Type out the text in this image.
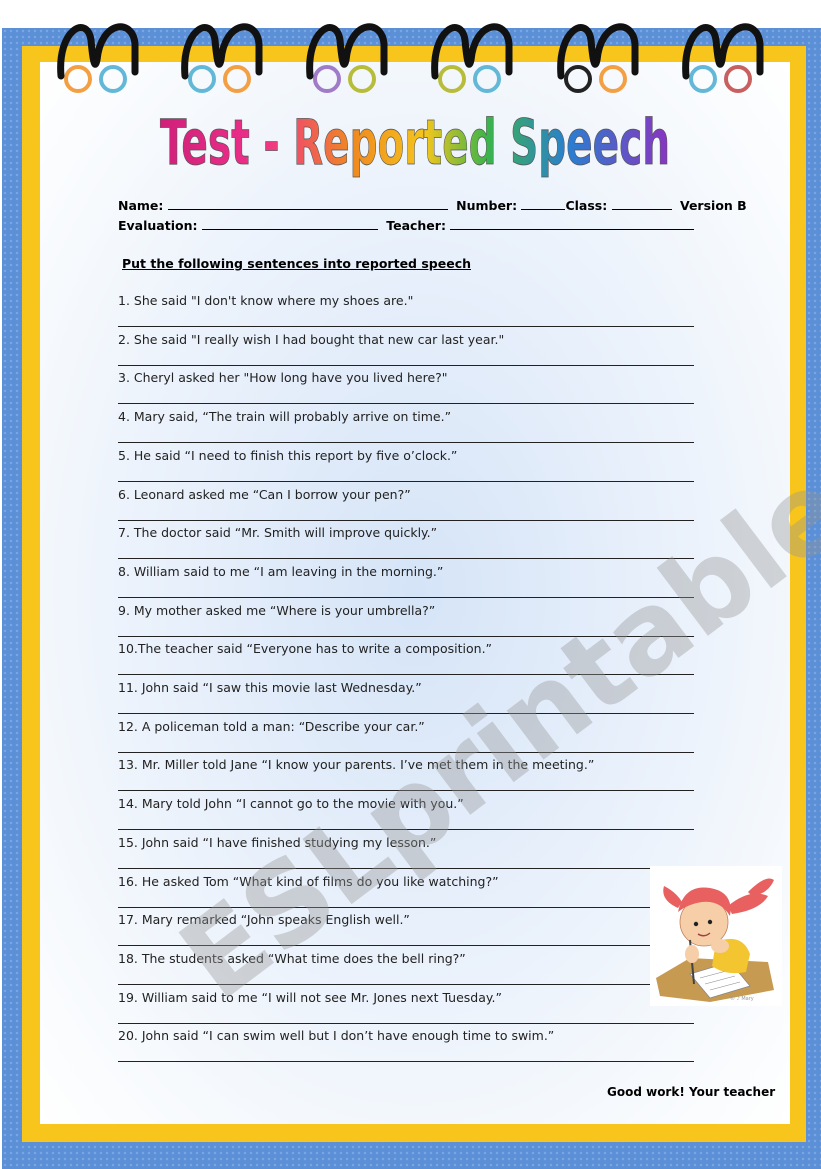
Test - Reported Speech
Name:	Number:	Class:	Version B
Evaluation:	Teacher:
Put the following sentences into reported speech
1. She said "I don't know where my shoes are."
2. She said "I really wish I had bought that new car last year."
3. Cheryl asked her "How long have you lived here?"
4. Mary said, “The train will probably arrive on time.”
5. He said “I need to finish this report by five o’clock.”
6. Leonard asked me “Can I borrow your pen?”
7. The doctor said “Mr. Smith will improve quickly.”
8. William said to me “I am leaving in the morning.”
9. My mother asked me “Where is your umbrella?”
10.The teacher said “Everyone has to write a composition.”
11. John said “I saw this movie last Wednesday.”
12. A policeman told a man: “Describe your car.”
13. Mr. Miller told Jane “I know your parents. I’ve met them in the meeting.”
14. Mary told John “I cannot go to the movie with you.”
15. John said “I have finished studying my lesson.”
16. He asked Tom “What kind of films do you like watching?”
17. Mary remarked “John speaks English well.”
18. The students asked “What time does the bell ring?”
19. William said to me “I will not see Mr. Jones next Tuesday.”
20. John said “I can swim well but I don’t have enough time to swim.”
© ♪ Mary
Good work! Your teacher
